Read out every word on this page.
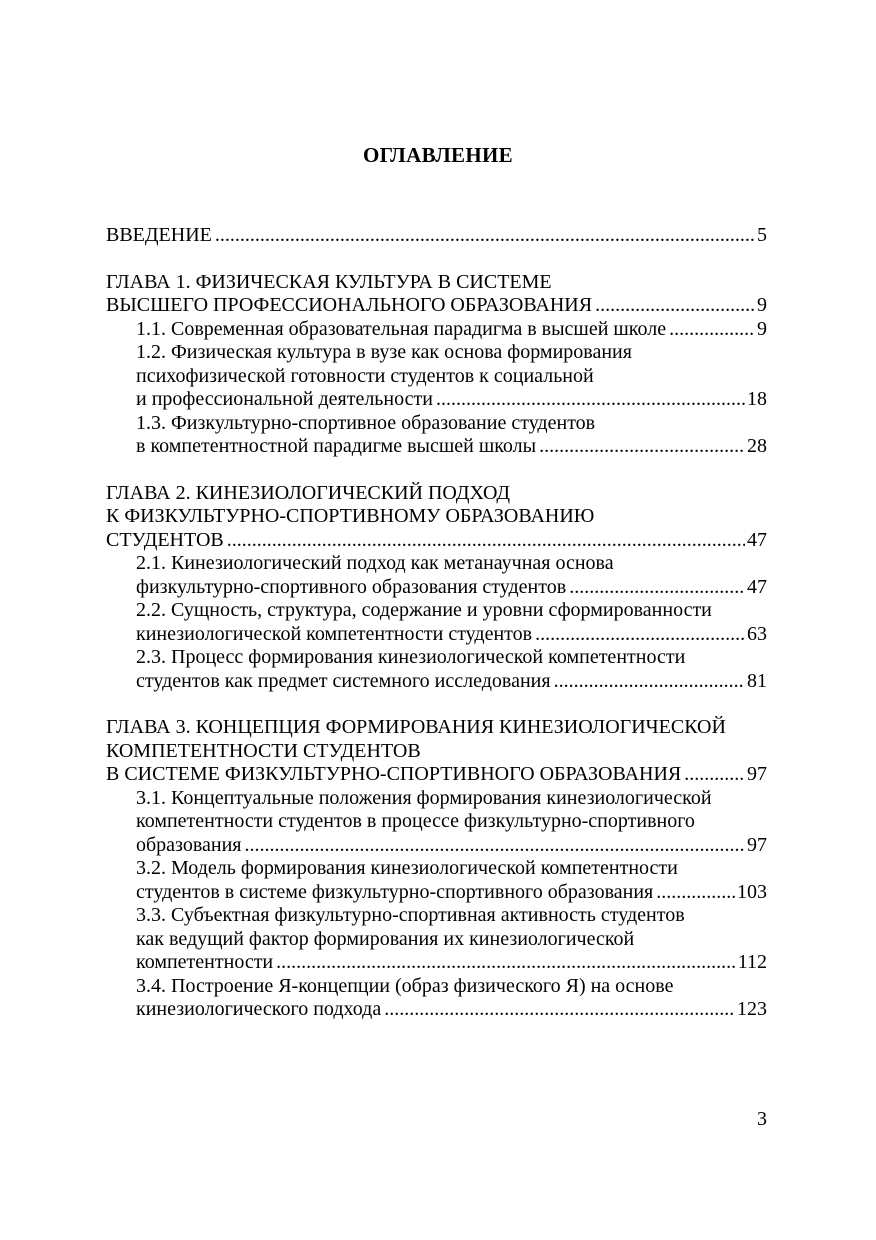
ОГЛАВЛЕНИЕ
ВВЕДЕНИЕ .....	5
ГЛАВА 1. ФИЗИЧЕСКАЯ КУЛЬТУРА В СИСТЕМЕ
ВЫСШЕГО ПРОФЕССИОНАЛЬНОГО ОБРАЗОВАНИЯ .....	9
1.1. Современная образовательная парадигма в высшей школе .....	9
1.2. Физическая культура в вузе как основа формирования
психофизической готовности студентов к социальной
и профессиональной деятельности .....	18
1.3. Физкультурно-спортивное образование студентов
в компетентностной парадигме высшей школы .....	28
ГЛАВА 2. КИНЕЗИОЛОГИЧЕСКИЙ ПОДХОД
К ФИЗКУЛЬТУРНО-СПОРТИВНОМУ ОБРАЗОВАНИЮ
СТУДЕНТОВ .....	47
2.1. Кинезиологический подход как метанаучная основа
физкультурно-спортивного образования студентов .....	47
2.2. Сущность, структура, содержание и уровни сформированности
кинезиологической компетентности студентов .....	63
2.3. Процесс формирования кинезиологической компетентности
студентов как предмет системного исследования .....	81
ГЛАВА 3. КОНЦЕПЦИЯ ФОРМИРОВАНИЯ КИНЕЗИОЛОГИЧЕСКОЙ
КОМПЕТЕНТНОСТИ СТУДЕНТОВ
В СИСТЕМЕ ФИЗКУЛЬТУРНО-СПОРТИВНОГО ОБРАЗОВАНИЯ .....	97
3.1. Концептуальные положения формирования кинезиологической
компетентности студентов в процессе физкультурно-спортивного
образования .....	97
3.2. Модель формирования кинезиологической компетентности
студентов в системе физкультурно-спортивного образования .....	103
3.3. Субъектная физкультурно-спортивная активность студентов
как ведущий фактор формирования их кинезиологической
компетентности .....	112
3.4. Построение Я-концепции (образ физического Я) на основе
кинезиологического подхода .....	123
3
